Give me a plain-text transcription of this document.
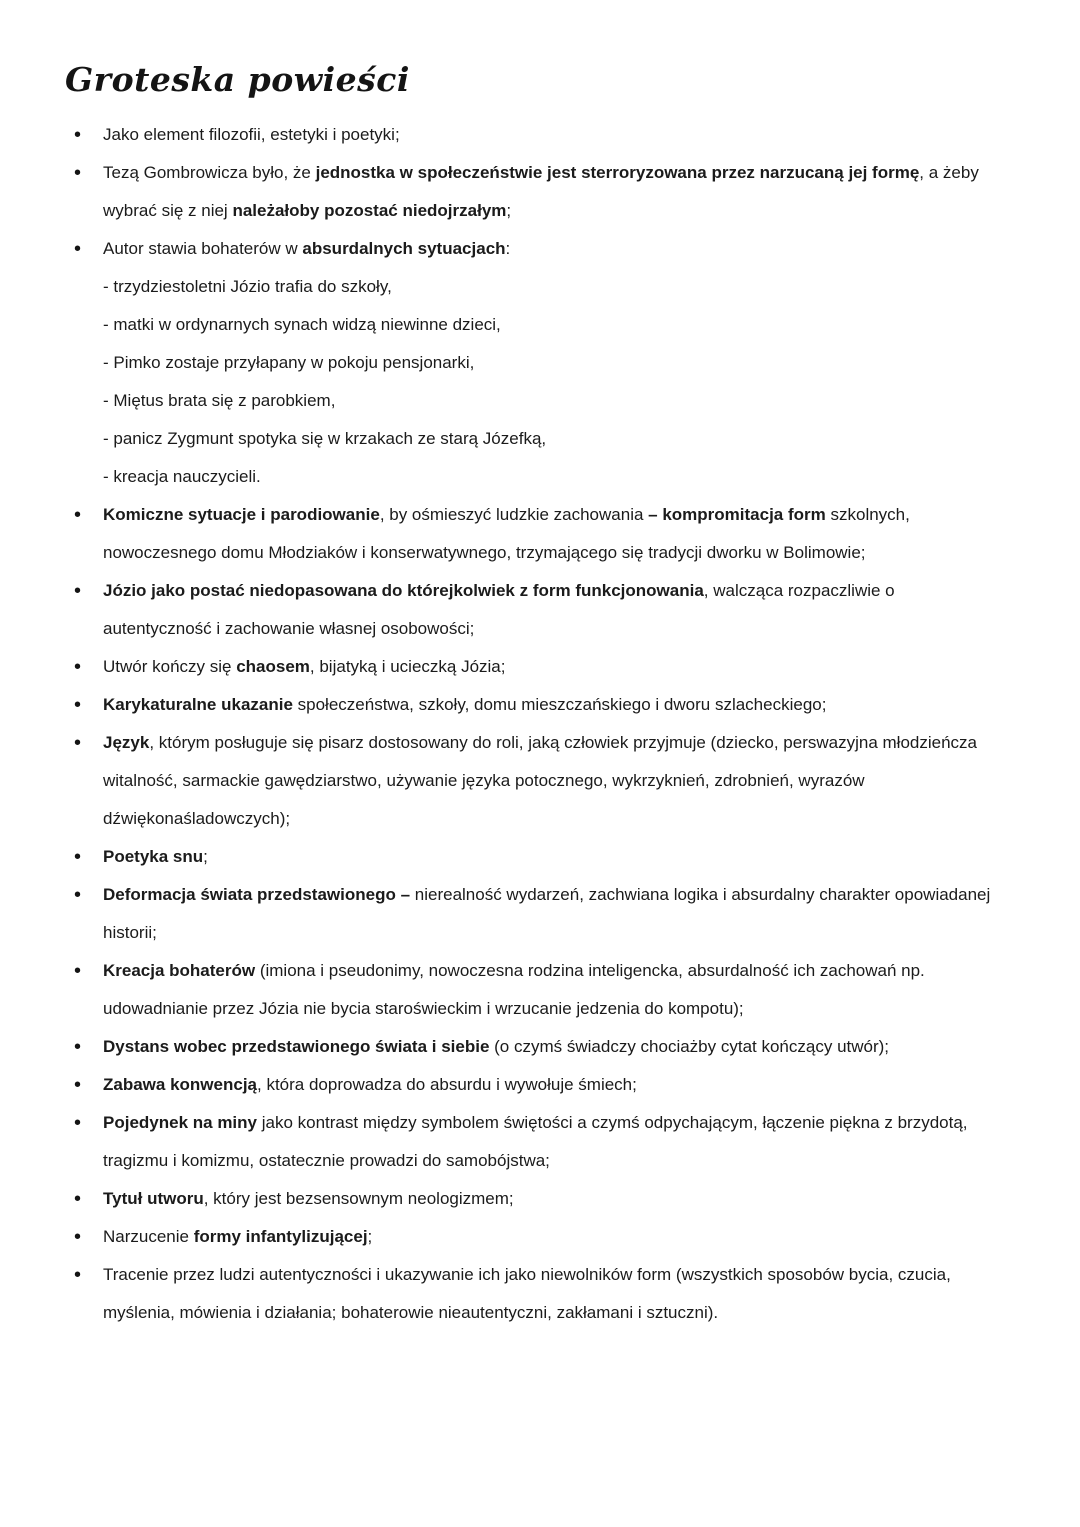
Groteska powieści
• Jako element filozofii, estetyki i poetyki;
• Tezą Gombrowicza było, że jednostka w społeczeństwie jest sterroryzowana przez narzucaną jej formę, a żeby wybrać się z niej należałoby pozostać niedojrzałym;
• Autor stawia bohaterów w absurdalnych sytuacjach:
- trzydziestoletni Józio trafia do szkoły,
- matki w ordynarnych synach widzą niewinne dzieci,
- Pimko zostaje przyłapany w pokoju pensjonarki,
- Miętus brata się z parobkiem,
- panicz Zygmunt spotyka się w krzakach ze starą Józefką,
- kreacja nauczycieli.
• Komiczne sytuacje i parodiowanie, by ośmieszyć ludzkie zachowania – kompromitacja form szkolnych, nowoczesnego domu Młodziaków i konserwatywnego, trzymającego się tradycji dworku w Bolimowie;
• Józio jako postać niedopasowana do którejkolwiek z form funkcjonowania, walcząca rozpaczliwie o autentyczność i zachowanie własnej osobowości;
• Utwór kończy się chaosem, bijatyką i ucieczką Józia;
• Karykaturalne ukazanie społeczeństwa, szkoły, domu mieszczańskiego i dworu szlacheckiego;
• Język, którym posługuje się pisarz dostosowany do roli, jaką człowiek przyjmuje (dziecko, perswazyjna młodzieńcza witalność, sarmackie gawędziarstwo, używanie języka potocznego, wykrzyknień, zdrobnień, wyrazów dźwiękonaśladowczych);
• Poetyka snu;
• Deformacja świata przedstawionego – nierealność wydarzeń, zachwiana logika i absurdalny charakter opowiadanej historii;
• Kreacja bohaterów (imiona i pseudonimy, nowoczesna rodzina inteligencka, absurdalność ich zachowań np. udowadnianie przez Józia nie bycia staroświeckim i wrzucanie jedzenia do kompotu);
• Dystans wobec przedstawionego świata i siebie (o czymś świadczy chociażby cytat kończący utwór);
• Zabawa konwencją, która doprowadza do absurdu i wywołuje śmiech;
• Pojedynek na miny jako kontrast między symbolem świętości a czymś odpychającym, łączenie piękna z brzydotą, tragizmu i komizmu, ostatecznie prowadzi do samobójstwa;
• Tytuł utworu, który jest bezsensownym neologizmem;
• Narzucenie formy infantylizującej;
• Tracenie przez ludzi autentyczności i ukazywanie ich jako niewolników form (wszystkich sposobów bycia, czucia, myślenia, mówienia i działania; bohaterowie nieautentyczni, zakłamani i sztuczni).
